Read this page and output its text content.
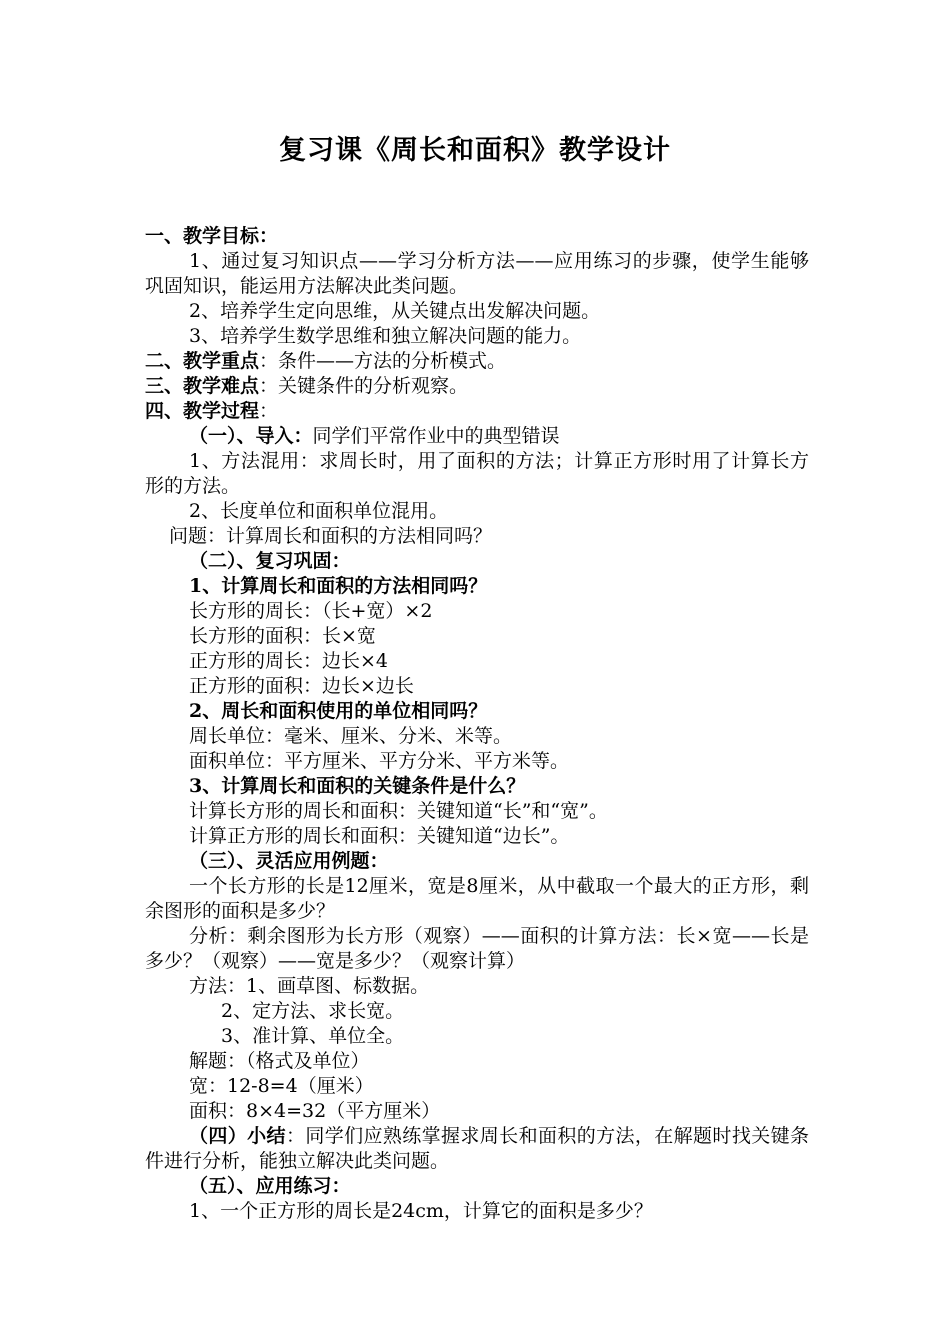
复习课《周长和面积》教学设计
一、教学目标：
1、通过复习知识点——学习分析方法——应用练习的步骤，使学生能够巩固知识，能运用方法解决此类问题。
2、培养学生定向思维，从关键点出发解决问题。
3、培养学生数学思维和独立解决问题的能力。
二、教学重点：条件——方法的分析模式。
三、教学难点：关键条件的分析观察。
四、教学过程：
（一）、导入：同学们平常作业中的典型错误
1、方法混用：求周长时，用了面积的方法；计算正方形时用了计算长方形的方法。
2、长度单位和面积单位混用。
问题：计算周长和面积的方法相同吗？
（二）、复习巩固：
1、计算周长和面积的方法相同吗？
长方形的周长：（长+宽）×2
长方形的面积：长×宽
正方形的周长：边长×4
正方形的面积：边长×边长
2、周长和面积使用的单位相同吗？
周长单位：毫米、厘米、分米、米等。
面积单位：平方厘米、平方分米、平方米等。
3、计算周长和面积的关键条件是什么？
计算长方形的周长和面积：关键知道“长”和“宽”。
计算正方形的周长和面积：关键知道“边长”。
（三）、灵活应用例题：
一个长方形的长是12厘米，宽是8厘米，从中截取一个最大的正方形，剩余图形的面积是多少？
分析：剩余图形为长方形（观察）——面积的计算方法：长×宽——长是多少？（观察）——宽是多少？（观察计算）
方法：1、画草图、标数据。
2、定方法、求长宽。
3、准计算、单位全。
解题：（格式及单位）
宽：12-8=4（厘米）
面积：8×4=32（平方厘米）
（四）小结：同学们应熟练掌握求周长和面积的方法，在解题时找关键条件进行分析，能独立解决此类问题。
（五）、应用练习：
1、一个正方形的周长是24cm，计算它的面积是多少？
